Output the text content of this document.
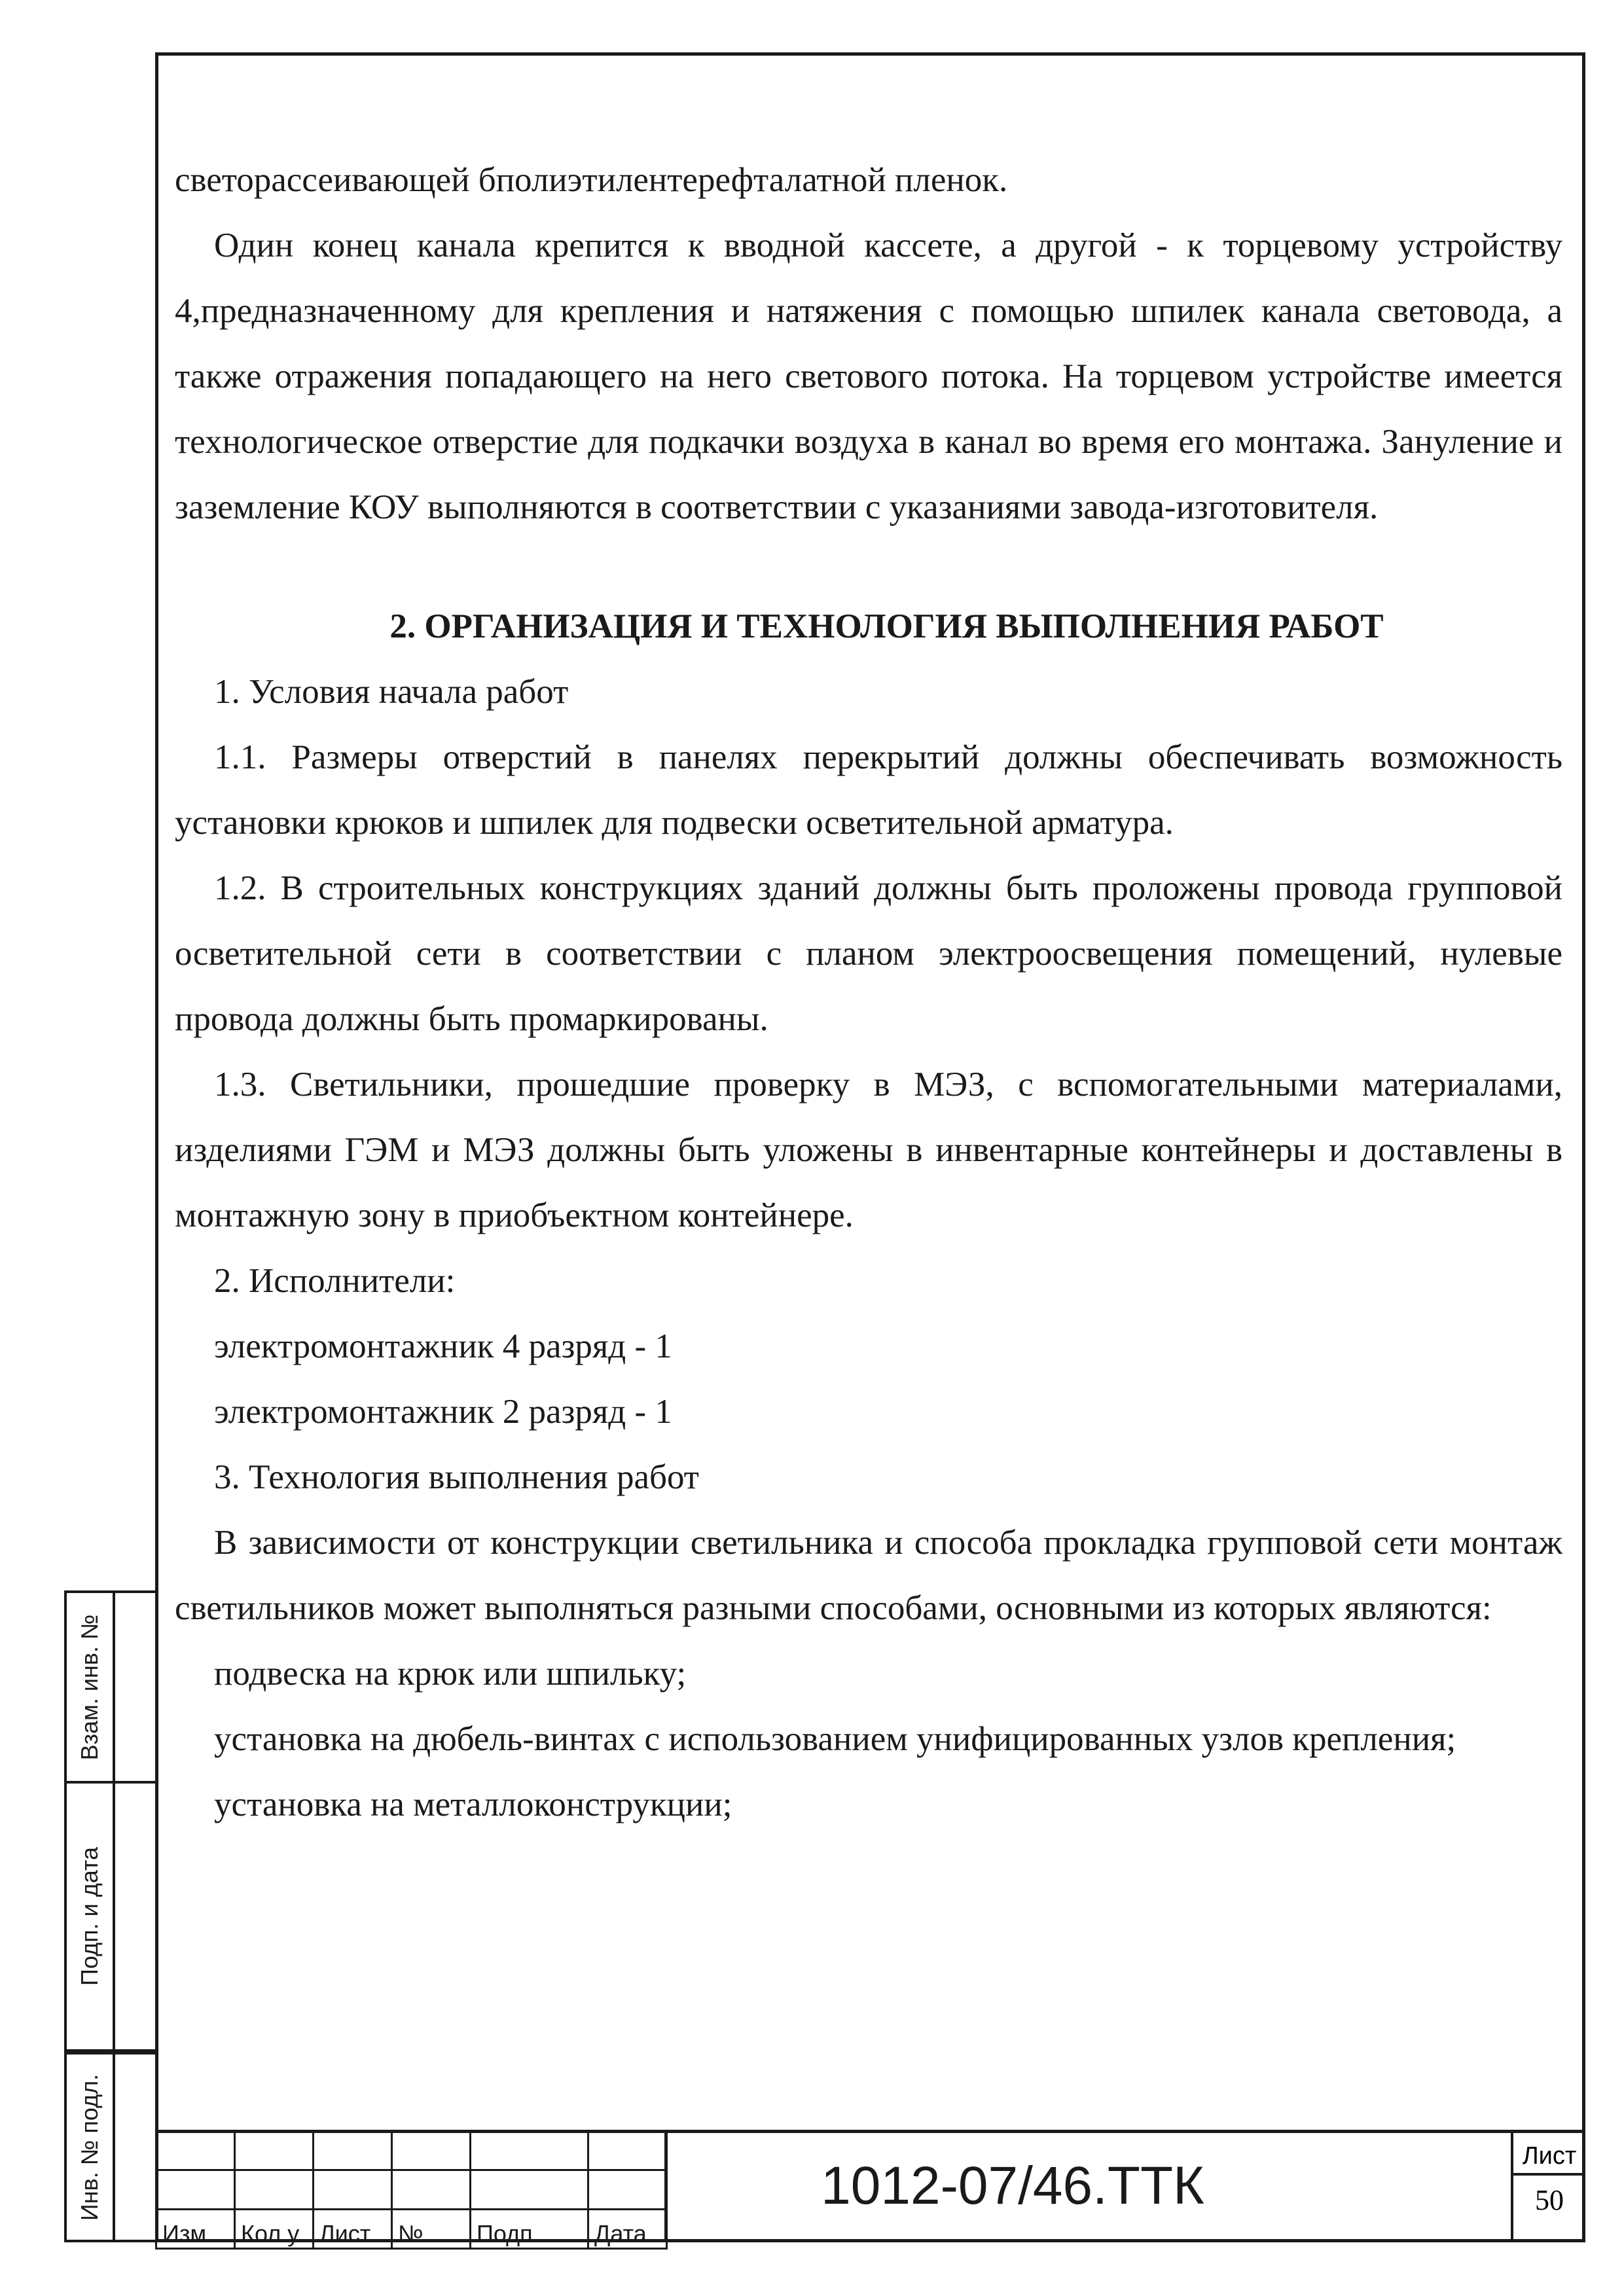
светорассеивающей бполиэтилентерефталатной пленок.

Один конец канала крепится к вводной кассете, а другой - к торцевому устройству 4,предназначенному для крепления и натяжения с помощью шпилек канала световода, а также отражения попадающего на него светового потока. На торцевом устройстве имеется технологическое отверстие для подкачки воздуха в канал во время его монтажа. Зануление и заземление КОУ выполняются в соответствии с указаниями завода-изготовителя.

2. ОРГАНИЗАЦИЯ И ТЕХНОЛОГИЯ ВЫПОЛНЕНИЯ РАБОТ

1. Условия начала работ

1.1. Размеры отверстий в панелях перекрытий должны обеспечивать возможность установки крюков и шпилек для подвески осветительной арматура.

1.2. В строительных конструкциях зданий должны быть проложены провода групповой осветительной сети в соответствии с планом электроосвещения помещений, нулевые провода должны быть промаркированы.

1.3. Светильники, прошедшие проверку в МЭЗ, с вспомогательными материалами, изделиями ГЭМ и МЭЗ должны быть уложены в инвентарные контейнеры и доставлены в монтажную зону в приобъектном контейнере.

2. Исполнители:

электромонтажник 4 разряд - 1

электромонтажник 2 разряд - 1

3. Технология выполнения работ

В зависимости от конструкции светильника и способа прокладка групповой сети монтаж светильников может выполняться разными способами, основными из которых являются:

подвеска на крюк или шпильку;

установка на дюбель-винтах с использованием унифицированных узлов крепления;

установка на металлоконструкции;

Взам. инв. №
Подп. и дата
Инв. № подл.

Изм	Кол.у	Лист	№	Подп.	Дата
1012-07/46.ТТК	Лист
50
